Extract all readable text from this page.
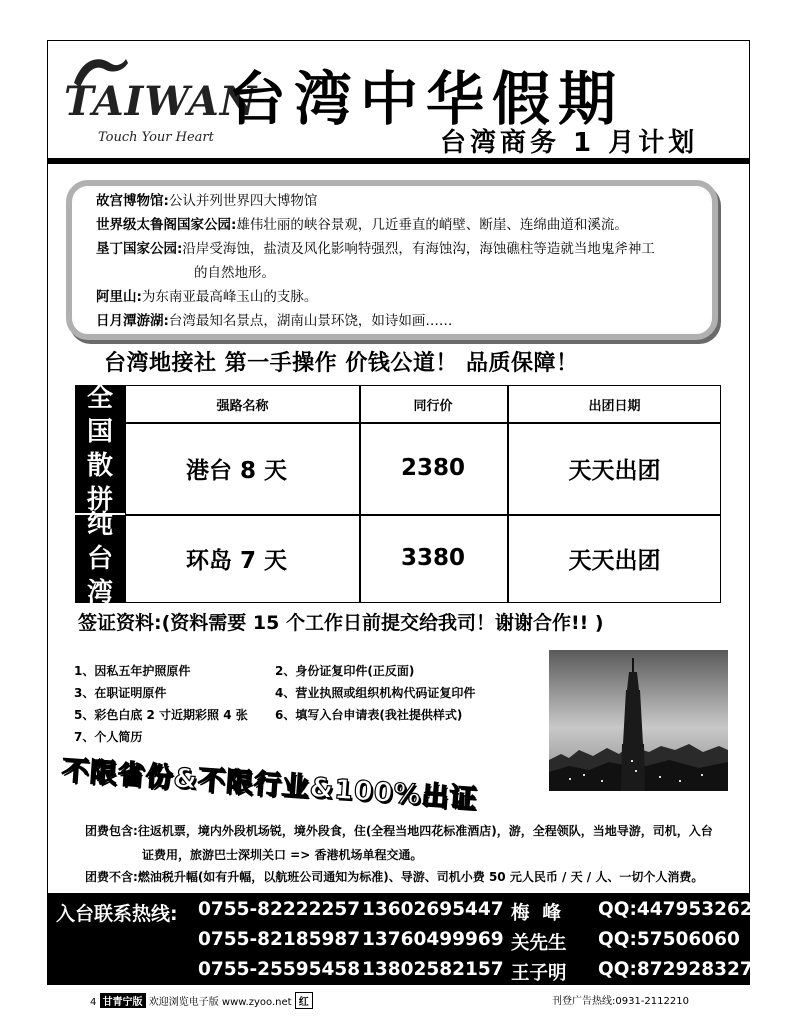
TAIWAN
Touch Your Heart
台湾中华假期
台湾商务 1 月计划
故宫博物馆:公认并列世界四大博物馆
世界级太鲁阁国家公园:雄伟壮丽的峡谷景观，几近垂直的峭壁、断崖、连绵曲道和溪流。
垦丁国家公园:沿岸受海蚀，盐渍及风化影响特强烈，有海蚀沟，海蚀礁柱等造就当地鬼斧神工
的自然地形。
阿里山:为东南亚最高峰玉山的支脉。
日月潭游湖:台湾最知名景点，湖南山景环饶，如诗如画……
台湾地接社 第一手操作 价钱公道！ 品质保障！
全
国
散
拼
纯
台
湾
强路名称	同行价	出团日期
港台 8 天	2380	天天出团
环岛 7 天	3380	天天出团
签证资料:(资料需要 15 个工作日前提交给我司！谢谢合作!! )
1、因私五年护照原件	2、身份证复印件(正反面)
3、在职证明原件	4、营业执照或组织机构代码证复印件
5、彩色白底 2 寸近期彩照 4 张 6、填写入台申请表(我社提供样式)
7、个人简历
不限省份&不限行业&100%出证
团费包含:往返机票，境内外段机场锐，境外段食，住(全程当地四花标准酒店)，游，全程领队，当地导游，司机，入台
证费用，旅游巴士深圳关口 => 香港机场单程交通。
团费不含:燃油税升幅(如有升幅，以航班公司通知为标准)、导游、司机小费 50 元人民币 / 天 / 人、一切个人消费。
入台联系热线: 0755-82222257 13602695447 梅  峰 QQ:447953262
0755-82185987 13760499969 关先生 QQ:57506060
0755-25595458 13802582157 王子明 QQ:872928327
4 甘青宁版 欢迎浏览电子版 www.zyoo.net 红	刊登广告热线:0931-2112210
